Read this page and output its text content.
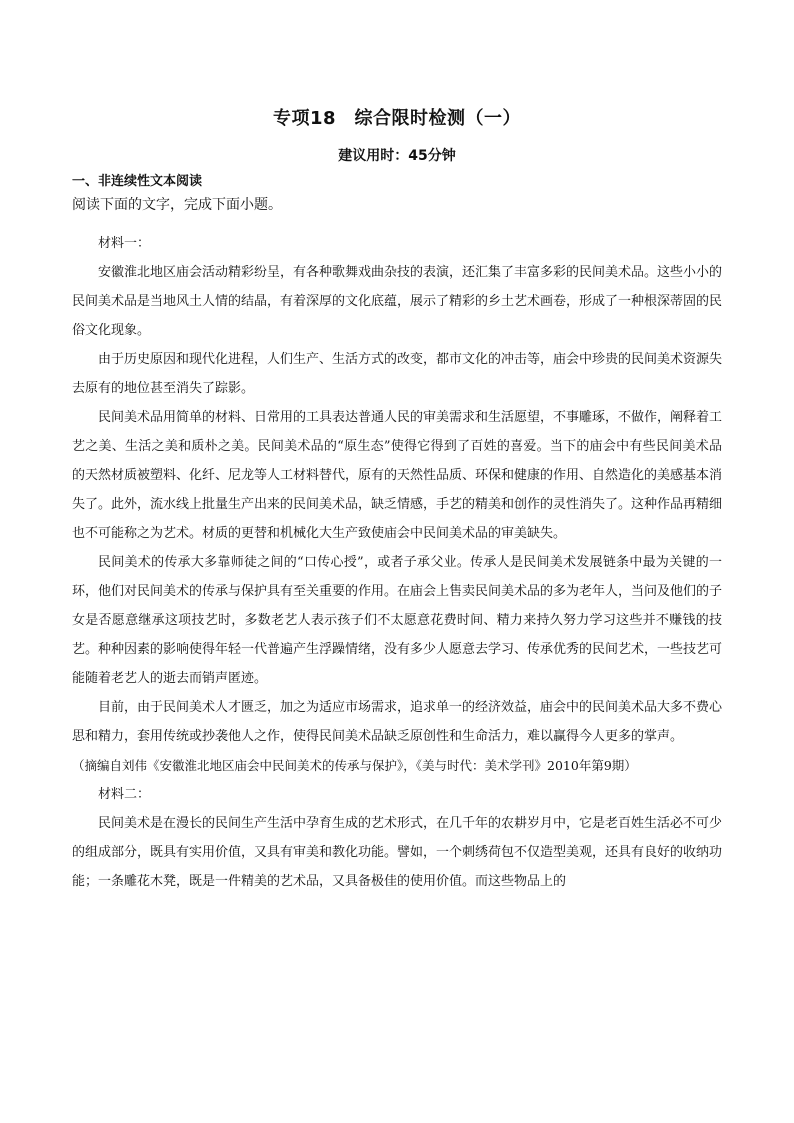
专项18　综合限时检测（一）
建议用时：45分钟
一、非连续性文本阅读
阅读下面的文字，完成下面小题。

材料一：

安徽淮北地区庙会活动精彩纷呈，有各种歌舞戏曲杂技的表演，还汇集了丰富多彩的民间美术品。这些小小的民间美术品是当地风土人情的结晶，有着深厚的文化底蕴，展示了精彩的乡土艺术画卷，形成了一种根深蒂固的民俗文化现象。

由于历史原因和现代化进程，人们生产、生活方式的改变，都市文化的冲击等，庙会中珍贵的民间美术资源失去原有的地位甚至消失了踪影。

民间美术品用简单的材料、日常用的工具表达普通人民的审美需求和生活愿望，不事雕琢，不做作，阐释着工艺之美、生活之美和质朴之美。民间美术品的“原生态”使得它得到了百姓的喜爱。当下的庙会中有些民间美术品的天然材质被塑料、化纤、尼龙等人工材料替代，原有的天然性品质、环保和健康的作用、自然造化的美感基本消失了。此外，流水线上批量生产出来的民间美术品，缺乏情感，手艺的精美和创作的灵性消失了。这种作品再精细也不可能称之为艺术。材质的更替和机械化大生产致使庙会中民间美术品的审美缺失。

民间美术的传承大多靠师徒之间的“口传心授”，或者子承父业。传承人是民间美术发展链条中最为关键的一环，他们对民间美术的传承与保护具有至关重要的作用。在庙会上售卖民间美术品的多为老年人，当问及他们的子女是否愿意继承这项技艺时，多数老艺人表示孩子们不太愿意花费时间、精力来持久努力学习这些并不赚钱的技艺。种种因素的影响使得年轻一代普遍产生浮躁情绪，没有多少人愿意去学习、传承优秀的民间艺术，一些技艺可能随着老艺人的逝去而销声匿迹。

目前，由于民间美术人才匮乏，加之为适应市场需求，追求单一的经济效益，庙会中的民间美术品大多不费心思和精力，套用传统或抄袭他人之作，使得民间美术品缺乏原创性和生命活力，难以赢得今人更多的掌声。

（摘编自刘伟《安徽淮北地区庙会中民间美术的传承与保护》，《美与时代：美术学刊》2010年第9期）

材料二：

民间美术是在漫长的民间生产生活中孕育生成的艺术形式，在几千年的农耕岁月中，它是老百姓生活必不可少的组成部分，既具有实用价值，又具有审美和教化功能。譬如，一个刺绣荷包不仅造型美观，还具有良好的收纳功能；一条雕花木凳，既是一件精美的艺术品，又具备极佳的使用价值。而这些物品上的
